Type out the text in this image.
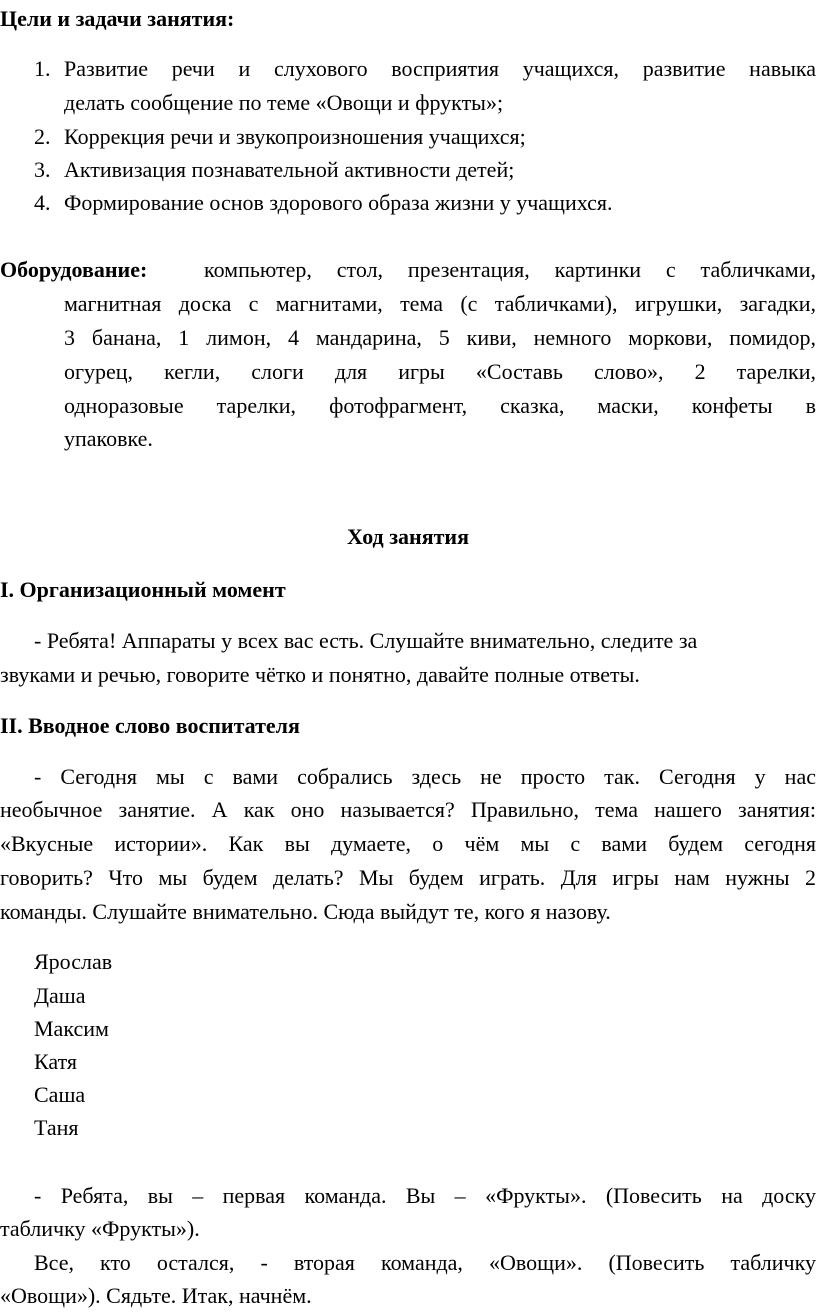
Цели и задачи занятия:
1. Развитие речи и слухового восприятия учащихся, развитие навыка
делать сообщение по теме «Овощи и фрукты»;
2. Коррекция речи и звукопроизношения учащихся;
3. Активизация познавательной активности детей;
4. Формирование основ здорового образа жизни у учащихся.
Оборудование:	компьютер, стол, презентация, картинки с табличками,
магнитная доска с магнитами, тема (с табличками), игрушки, загадки,
3 банана, 1 лимон, 4 мандарина, 5 киви, немного моркови, помидор,
огурец, кегли, слоги для игры «Составь слово», 2 тарелки,
одноразовые тарелки, фотофрагмент, сказка, маски, конфеты в
упаковке.
Ход занятия
I. Организационный момент
- Ребята! Аппараты у всех вас есть. Слушайте внимательно, следите за
звуками и речью, говорите чётко и понятно, давайте полные ответы.
II. Вводное слово воспитателя
- Сегодня мы с вами собрались здесь не просто так. Сегодня у нас
необычное занятие. А как оно называется? Правильно, тема нашего занятия:
«Вкусные истории». Как вы думаете, о чём мы с вами будем сегодня
говорить? Что мы будем делать? Мы будем играть. Для игры нам нужны 2
команды. Слушайте внимательно. Сюда выйдут те, кого я назову.
Ярослав
Даша
Максим
Катя
Саша
Таня
- Ребята, вы – первая команда. Вы – «Фрукты». (Повесить на доску
табличку «Фрукты»).
Все, кто остался, - вторая команда, «Овощи». (Повесить табличку
«Овощи»). Сядьте. Итак, начнём.
